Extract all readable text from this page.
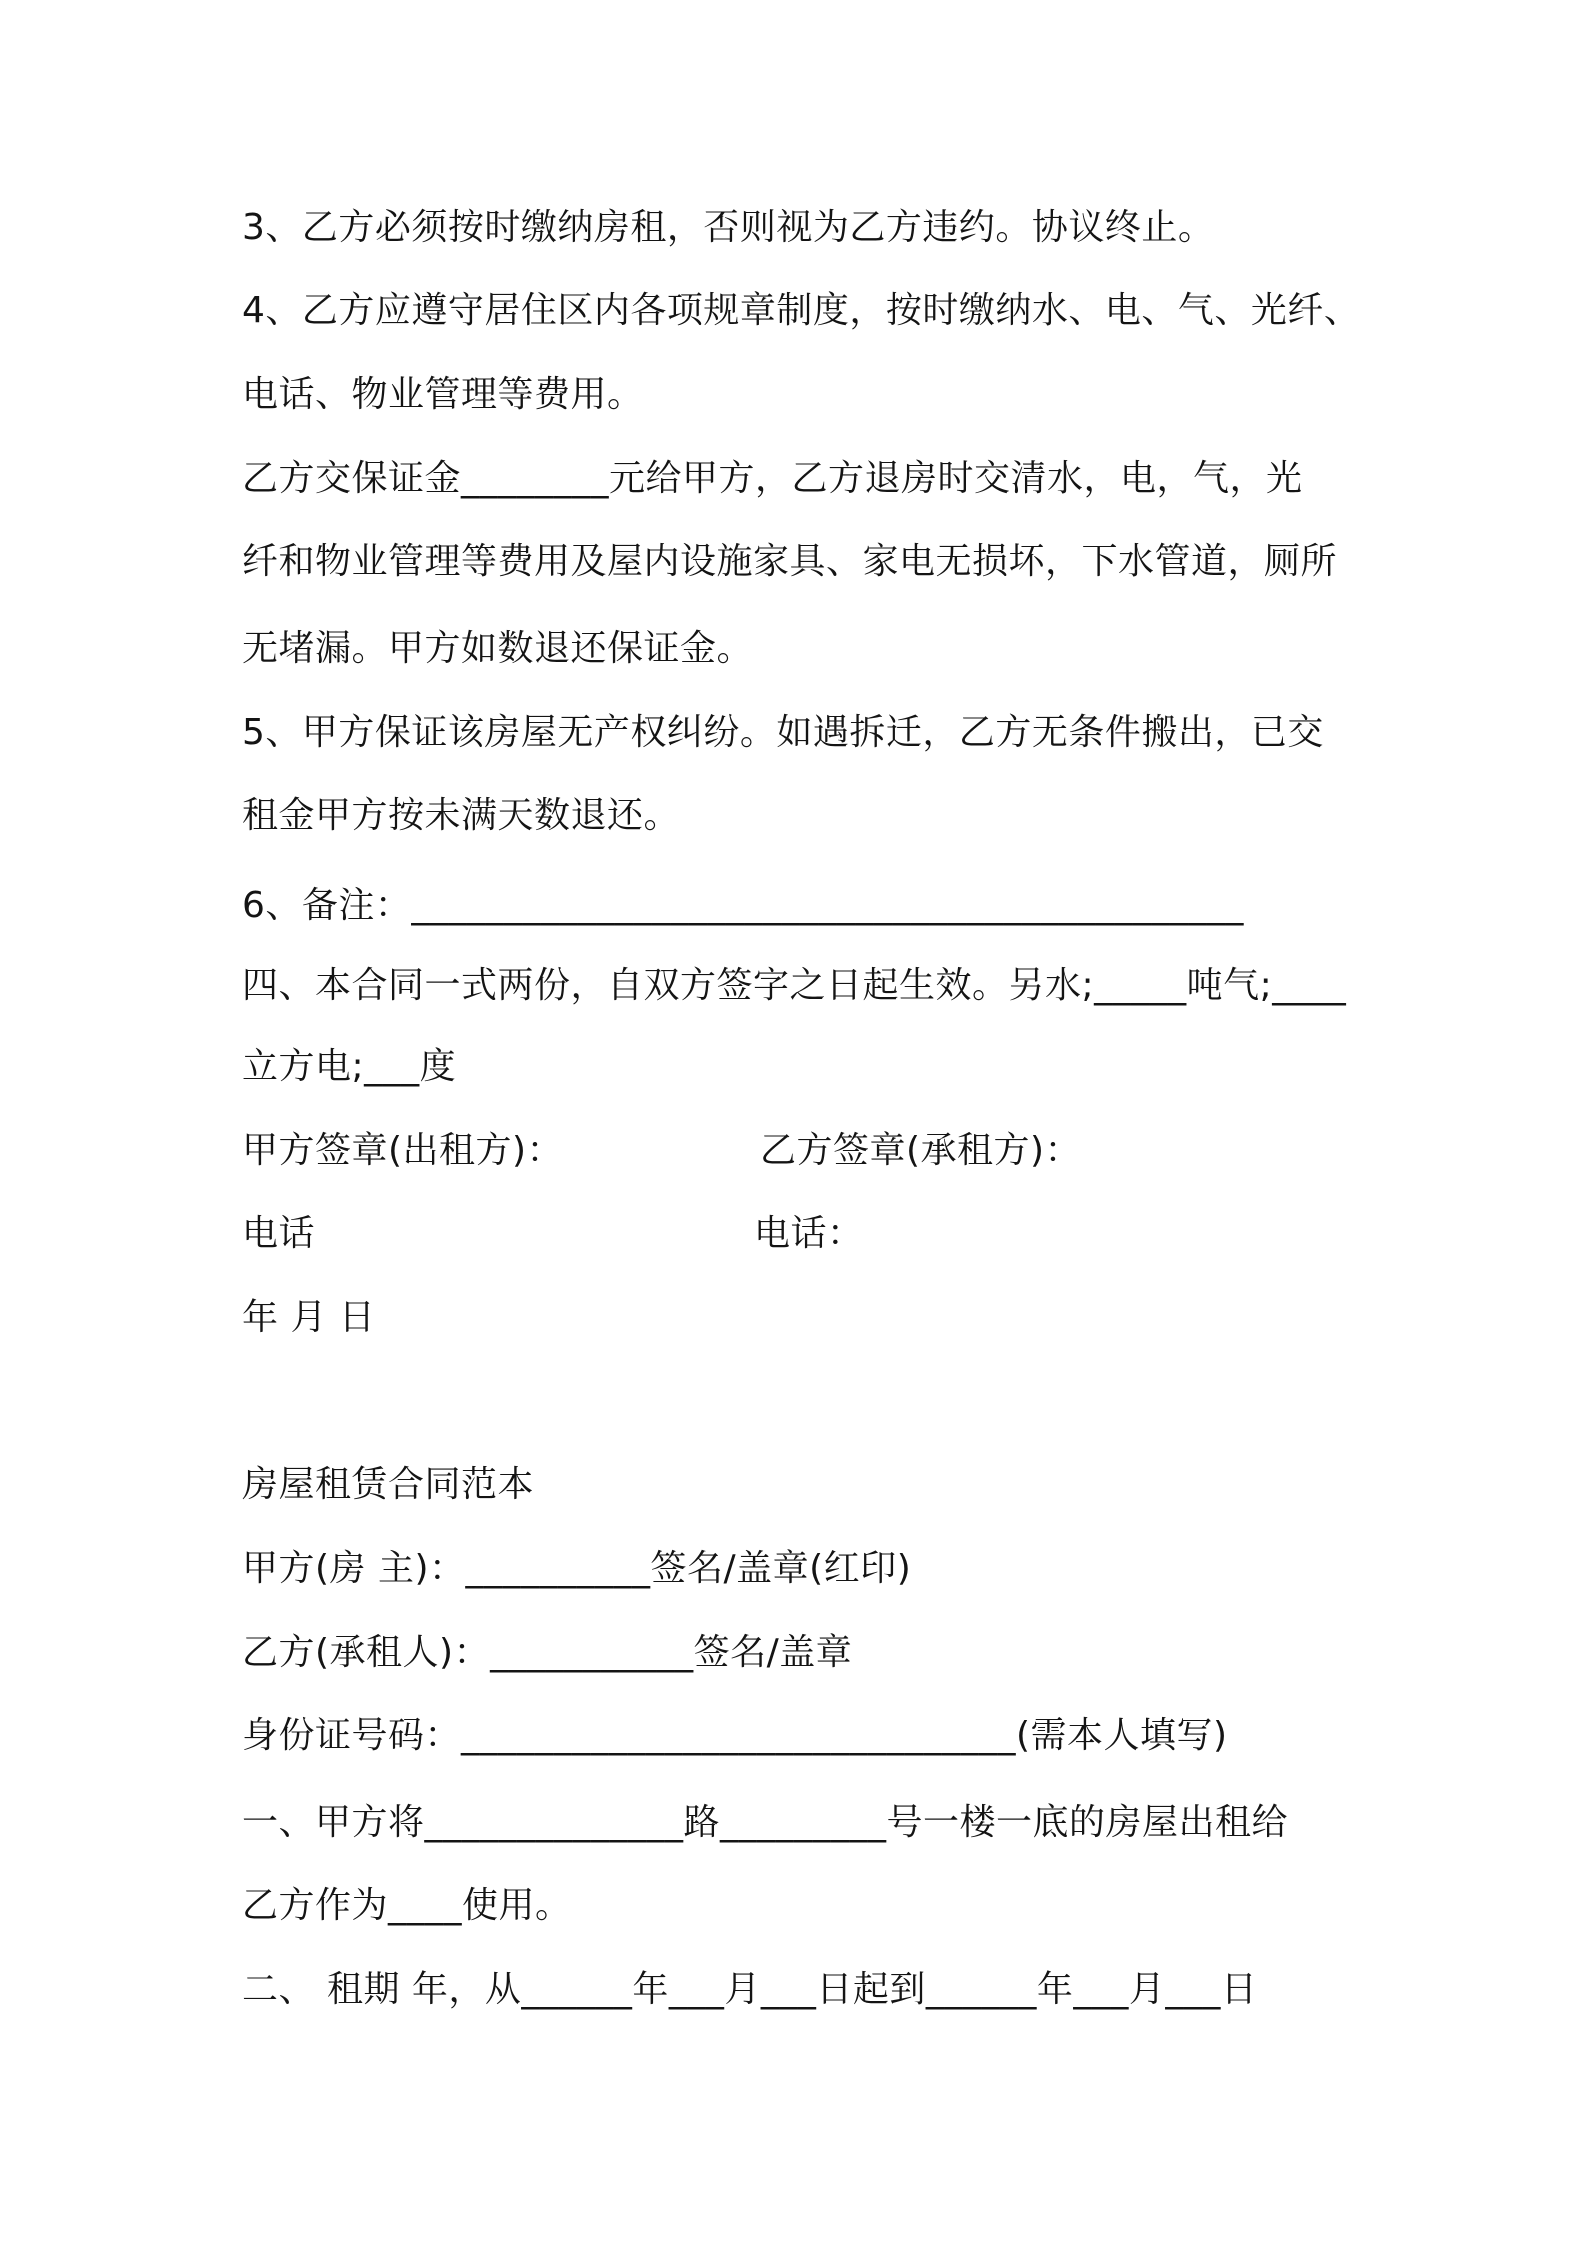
3、乙方必须按时缴纳房租，否则视为乙方违约。协议终止。
4、乙方应遵守居住区内各项规章制度，按时缴纳水、电、气、光纤、
电话、物业管理等费用。
乙方交保证金________元给甲方，乙方退房时交清水，电，气，光
纤和物业管理等费用及屋内设施家具、家电无损坏，下水管道，厕所
无堵漏。甲方如数退还保证金。
5、甲方保证该房屋无产权纠纷。如遇拆迁，乙方无条件搬出，已交
租金甲方按未满天数退还。
6、备注：_____________________________________________
四、本合同一式两份，自双方签字之日起生效。另水;_____吨气;____
立方电;___度
甲方签章(出租方)：	乙方签章(承租方)：
电话	电话：
年 月 日
房屋租赁合同范本
甲方(房 主)：__________签名/盖章(红印)
乙方(承租人)：___________签名/盖章
身份证号码：______________________________(需本人填写)
一、甲方将______________路_________号一楼一底的房屋出租给
乙方作为____使用。
二、 租期 年，从______年___月___日起到______年___月___日
